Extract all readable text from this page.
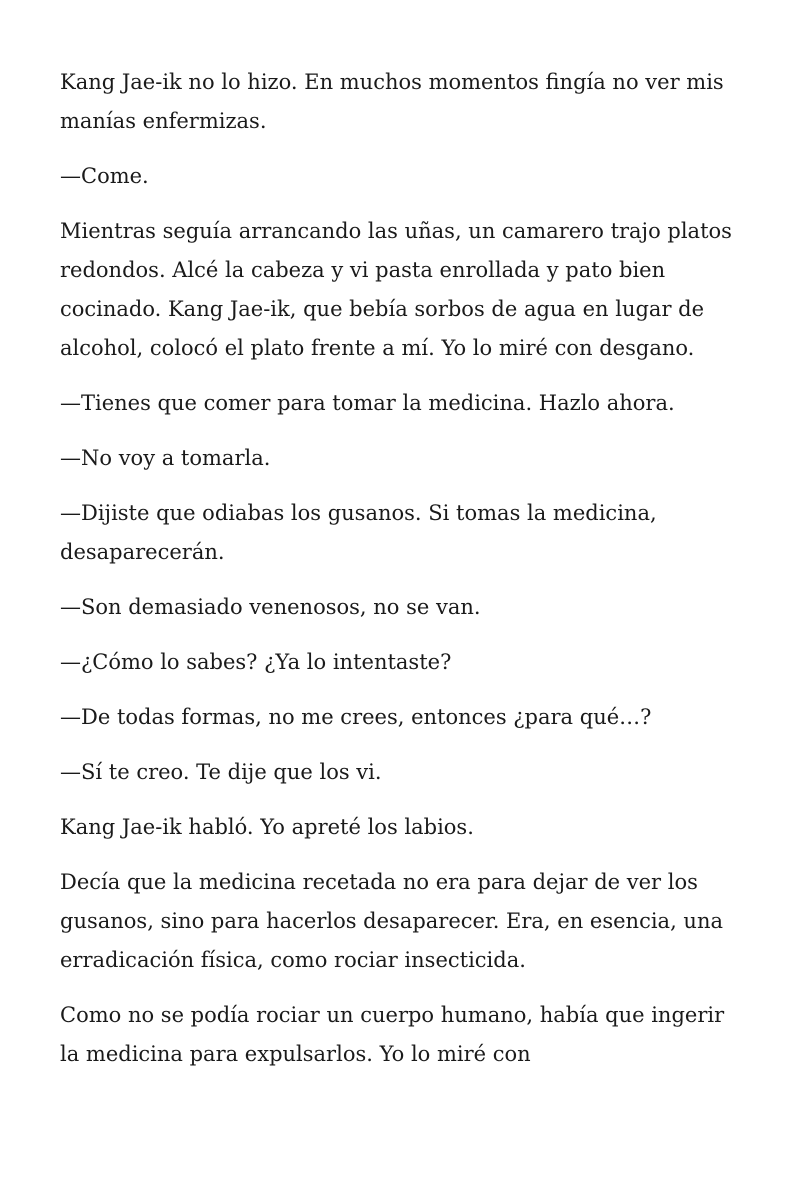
Kang Jae-ik no lo hizo. En muchos momentos fingía no ver mis manías enfermizas.

—Come.

Mientras seguía arrancando las uñas, un camarero trajo platos redondos. Alcé la cabeza y vi pasta enrollada y pato bien cocinado. Kang Jae-ik, que bebía sorbos de agua en lugar de alcohol, colocó el plato frente a mí. Yo lo miré con desgano.

—Tienes que comer para tomar la medicina. Hazlo ahora.

—No voy a tomarla.

—Dijiste que odiabas los gusanos. Si tomas la medicina, desaparecerán.

—Son demasiado venenosos, no se van.

—¿Cómo lo sabes? ¿Ya lo intentaste?

—De todas formas, no me crees, entonces ¿para qué…?

—Sí te creo. Te dije que los vi.

Kang Jae-ik habló. Yo apreté los labios.

Decía que la medicina recetada no era para dejar de ver los gusanos, sino para hacerlos desaparecer. Era, en esencia, una erradicación física, como rociar insecticida.

Como no se podía rociar un cuerpo humano, había que ingerir la medicina para expulsarlos. Yo lo miré con
